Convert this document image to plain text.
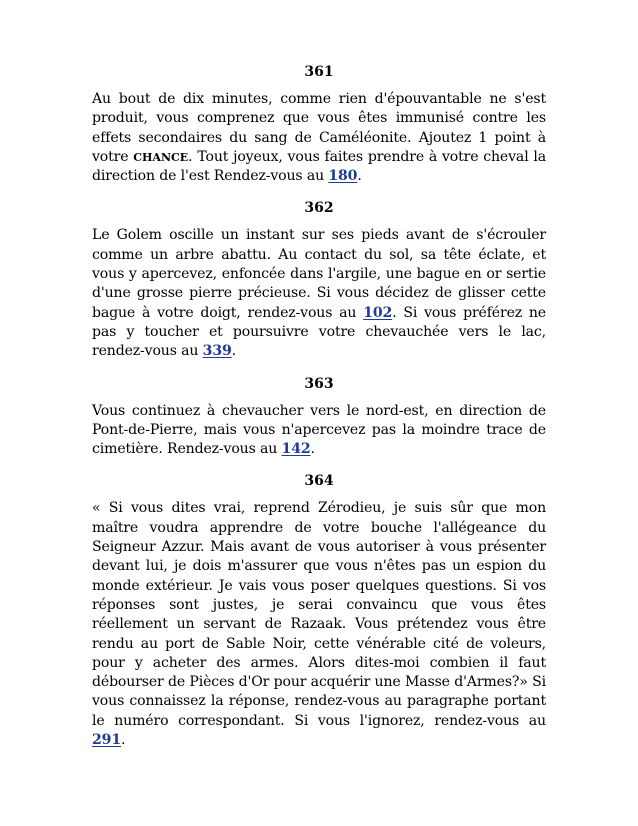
361

Au bout de dix minutes, comme rien d'épouvantable ne s'est produit, vous comprenez que vous êtes immunisé contre les effets secondaires du sang de Caméléonite. Ajoutez 1 point à votre CHANCE. Tout joyeux, vous faites prendre à votre cheval la direction de l'est Rendez-vous au 180.

362

Le Golem oscille un instant sur ses pieds avant de s'écrouler comme un arbre abattu. Au contact du sol, sa tête éclate, et vous y apercevez, enfoncée dans l'argile, une bague en or sertie d'une grosse pierre précieuse. Si vous décidez de glisser cette bague à votre doigt, rendez-vous au 102. Si vous préférez ne pas y toucher et poursuivre votre chevauchée vers le lac, rendez-vous au 339.

363

Vous continuez à chevaucher vers le nord-est, en direction de Pont-de-Pierre, mais vous n'apercevez pas la moindre trace de cimetière. Rendez-vous au 142.

364

« Si vous dites vrai, reprend Zérodieu, je suis sûr que mon maître voudra apprendre de votre bouche l'allégeance du Seigneur Azzur. Mais avant de vous autoriser à vous présenter devant lui, je dois m'assurer que vous n'êtes pas un espion du monde extérieur. Je vais vous poser quelques questions. Si vos réponses sont justes, je serai convaincu que vous êtes réellement un servant de Razaak. Vous prétendez vous être rendu au port de Sable Noir, cette vénérable cité de voleurs, pour y acheter des armes. Alors dites-moi combien il faut débourser de Pièces d'Or pour acquérir une Masse d'Armes?» Si vous connaissez la réponse, rendez-vous au paragraphe portant le numéro correspondant. Si vous l'ignorez, rendez-vous au 291.
